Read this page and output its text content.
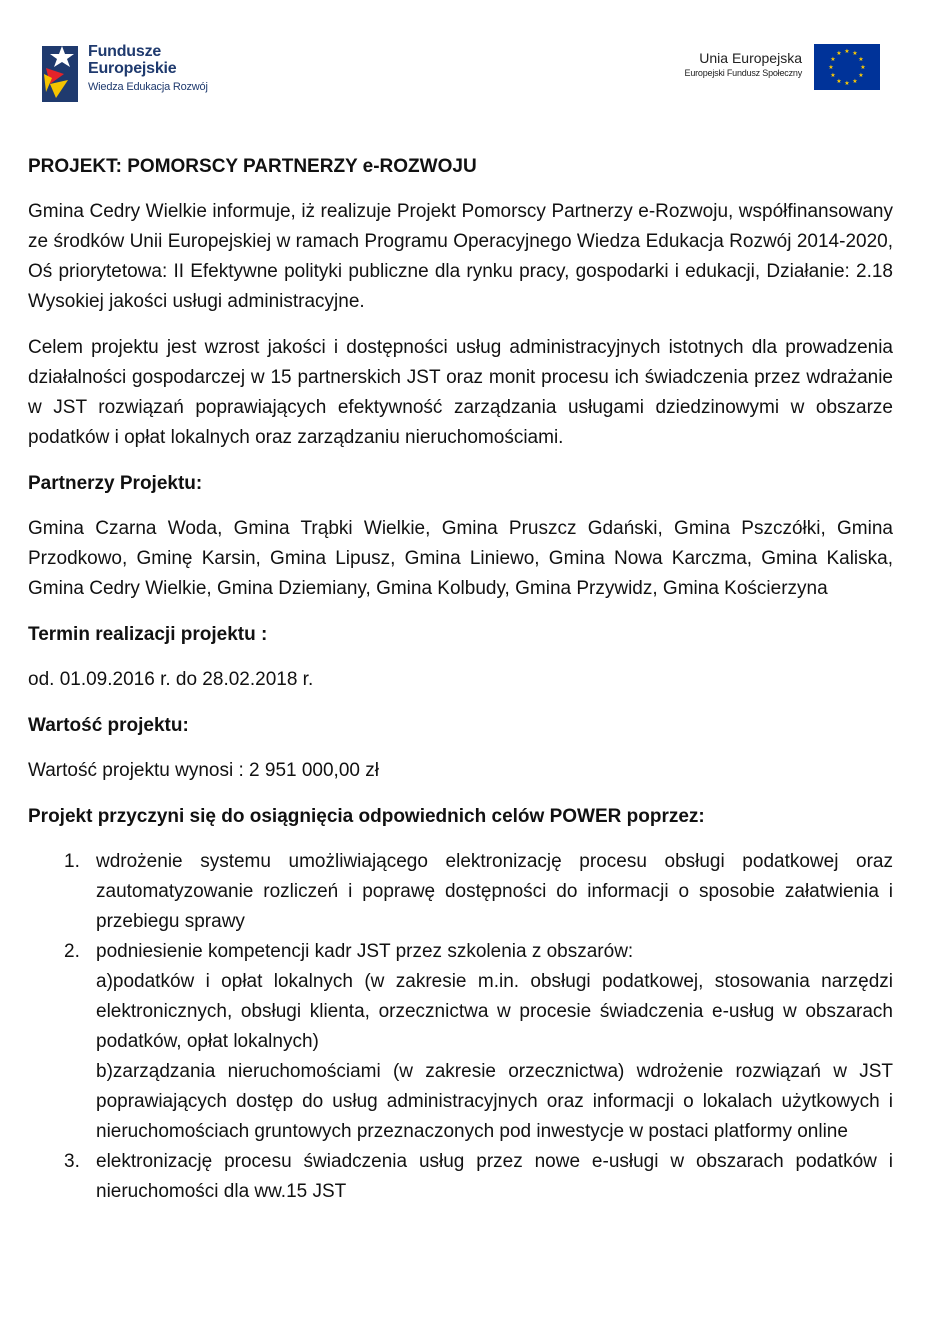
Fundusze
Europejskie
Wiedza Edukacja Rozwój
Unia Europejska
Europejski Fundusz Społeczny
★ ★
★
★
★
★
★
★
★
★
★
★

PROJEKT: POMORSCY PARTNERZY e-ROZWOJU

Gmina Cedry Wielkie informuje, iż realizuje Projekt Pomorscy Partnerzy e-Rozwoju, współfinansowany ze środków Unii Europejskiej w ramach Programu Operacyjnego Wiedza Edukacja Rozwój 2014-2020, Oś priorytetowa: II Efektywne polityki publiczne dla rynku pracy, gospodarki i edukacji, Działanie: 2.18 Wysokiej jakości usługi administracyjne.

Celem projektu jest wzrost jakości i dostępności usług administracyjnych istotnych dla prowadzenia działalności gospodarczej w 15 partnerskich JST oraz monit procesu ich świadczenia przez wdrażanie w JST rozwiązań poprawiających efektywność zarządzania usługami dziedzinowymi w obszarze podatków i opłat lokalnych oraz zarządzaniu nieruchomościami.

Partnerzy Projektu:

Gmina Czarna Woda, Gmina Trąbki Wielkie, Gmina Pruszcz Gdański, Gmina Pszczółki, Gmina Przodkowo, Gminę Karsin, Gmina Lipusz, Gmina Liniewo, Gmina Nowa Karczma, Gmina Kaliska, Gmina Cedry Wielkie, Gmina Dziemiany, Gmina Kolbudy, Gmina Przywidz, Gmina Kościerzyna

Termin realizacji projektu :

od. 01.09.2016 r. do 28.02.2018 r.

Wartość projektu:

Wartość projektu wynosi : 2 951 000,00 zł

Projekt przyczyni się do osiągnięcia odpowiednich celów POWER poprzez:

1. wdrożenie systemu umożliwiającego elektronizację procesu obsługi podatkowej oraz zautomatyzowanie rozliczeń i poprawę dostępności do informacji o sposobie załatwienia i przebiegu sprawy
2. podniesienie kompetencji kadr JST przez szkolenia z obszarów:
a)podatków i opłat lokalnych (w zakresie m.in. obsługi podatkowej, stosowania narzędzi elektronicznych, obsługi klienta, orzecznictwa w procesie świadczenia e-usług w obszarach podatków, opłat lokalnych)
b)zarządzania nieruchomościami (w zakresie orzecznictwa) wdrożenie rozwiązań w JST poprawiających dostęp do usług administracyjnych oraz informacji o lokalach użytkowych i nieruchomościach gruntowych przeznaczonych pod inwestycje w postaci platformy online
3. elektronizację procesu świadczenia usług przez nowe e-usługi w obszarach podatków i nieruchomości dla ww.15 JST
